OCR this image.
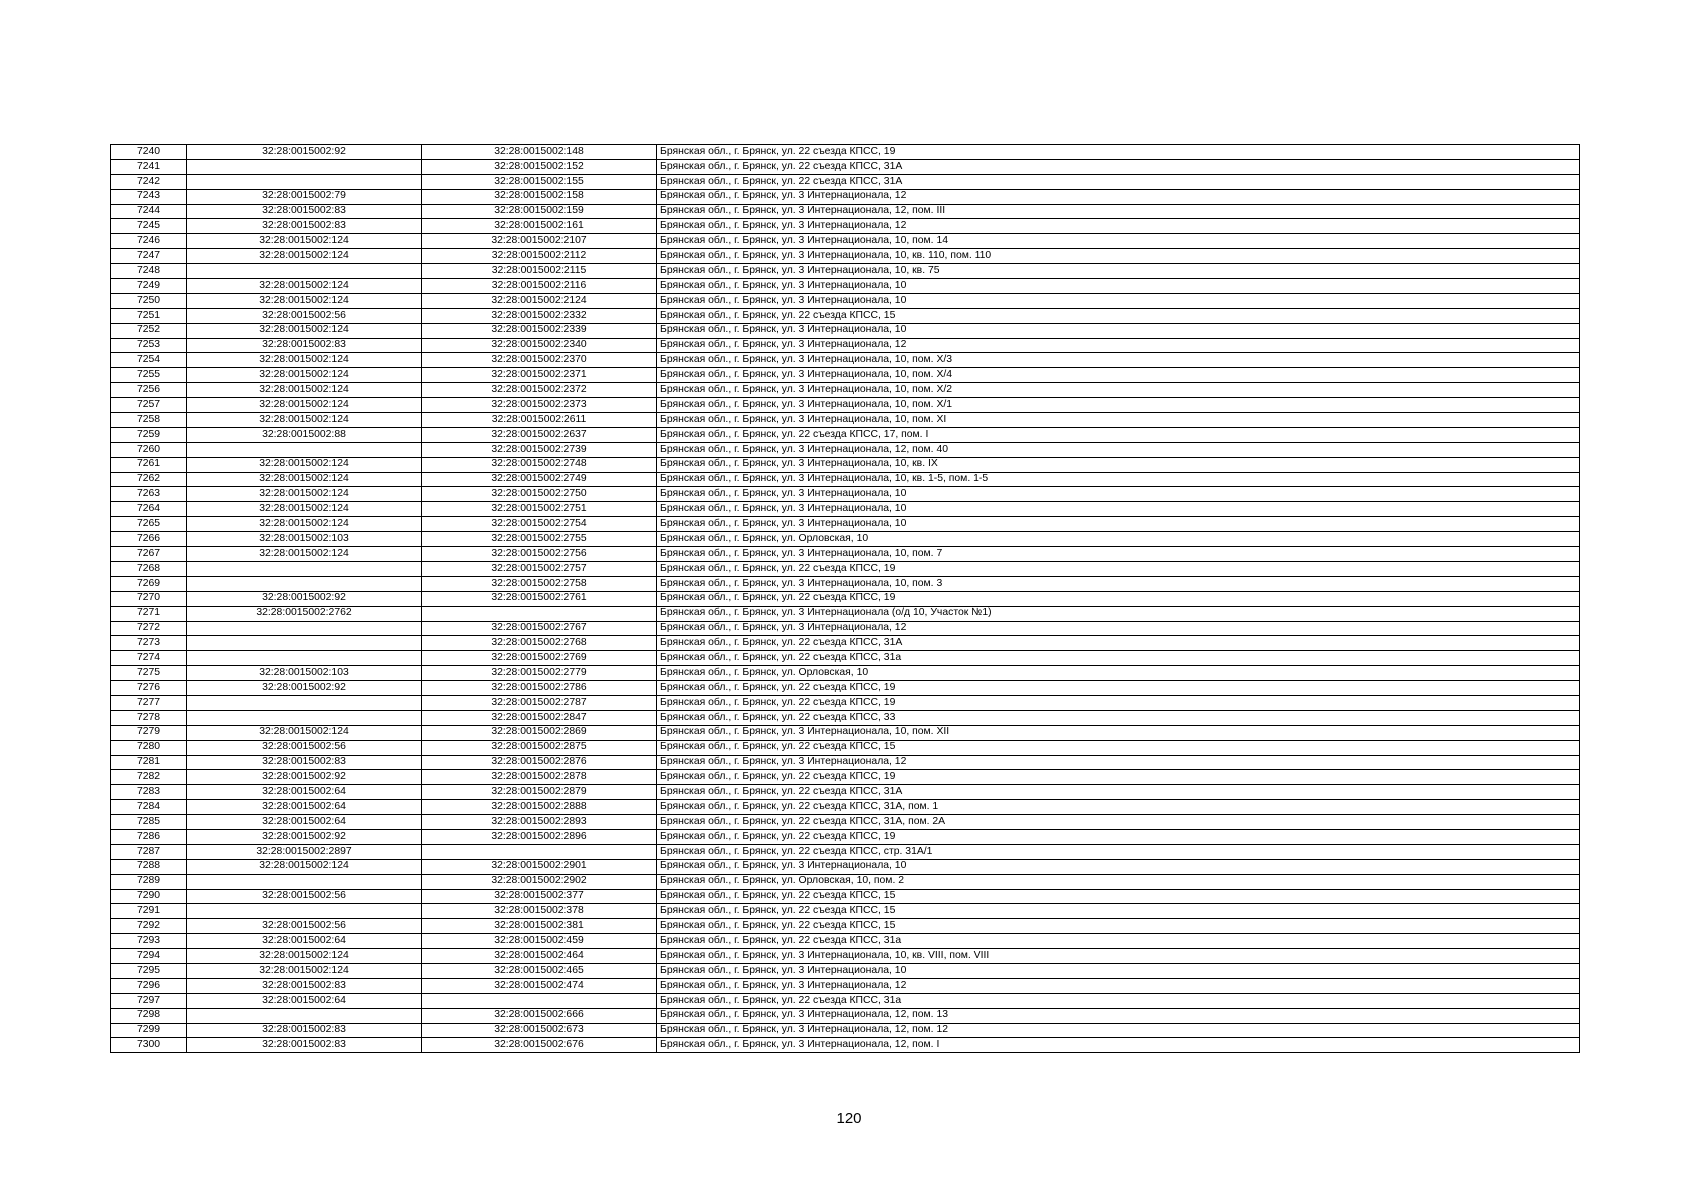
7240	32:28:0015002:92	32:28:0015002:148	Брянская обл., г. Брянск, ул. 22 съезда КПСС, 19
7241		32:28:0015002:152	Брянская обл., г. Брянск, ул. 22 съезда КПСС, 31А
7242		32:28:0015002:155	Брянская обл., г. Брянск, ул. 22 съезда КПСС, 31А
7243	32:28:0015002:79	32:28:0015002:158	Брянская обл., г. Брянск, ул. 3 Интернационала, 12
7244	32:28:0015002:83	32:28:0015002:159	Брянская обл., г. Брянск, ул. 3 Интернационала, 12, пом. III
7245	32:28:0015002:83	32:28:0015002:161	Брянская обл., г. Брянск, ул. 3 Интернационала, 12
7246	32:28:0015002:124	32:28:0015002:2107	Брянская обл., г. Брянск, ул. 3 Интернационала, 10, пом. 14
7247	32:28:0015002:124	32:28:0015002:2112	Брянская обл., г. Брянск, ул. 3 Интернационала, 10, кв. 110, пом. 110
7248		32:28:0015002:2115	Брянская обл., г. Брянск, ул. 3 Интернационала, 10, кв. 75
7249	32:28:0015002:124	32:28:0015002:2116	Брянская обл., г. Брянск, ул. 3 Интернационала, 10
7250	32:28:0015002:124	32:28:0015002:2124	Брянская обл., г. Брянск, ул. 3 Интернационала, 10
7251	32:28:0015002:56	32:28:0015002:2332	Брянская обл., г. Брянск, ул. 22 съезда КПСС, 15
7252	32:28:0015002:124	32:28:0015002:2339	Брянская обл., г. Брянск, ул. 3 Интернационала, 10
7253	32:28:0015002:83	32:28:0015002:2340	Брянская обл., г. Брянск, ул. 3 Интернационала, 12
7254	32:28:0015002:124	32:28:0015002:2370	Брянская обл., г. Брянск, ул. 3 Интернационала, 10, пом. Х/3
7255	32:28:0015002:124	32:28:0015002:2371	Брянская обл., г. Брянск, ул. 3 Интернационала, 10, пом. Х/4
7256	32:28:0015002:124	32:28:0015002:2372	Брянская обл., г. Брянск, ул. 3 Интернационала, 10, пом. Х/2
7257	32:28:0015002:124	32:28:0015002:2373	Брянская обл., г. Брянск, ул. 3 Интернационала, 10, пом. Х/1
7258	32:28:0015002:124	32:28:0015002:2611	Брянская обл., г. Брянск, ул. 3 Интернационала, 10, пом. XI
7259	32:28:0015002:88	32:28:0015002:2637	Брянская обл., г. Брянск, ул. 22 съезда КПСС, 17, пом. I
7260		32:28:0015002:2739	Брянская обл., г. Брянск, ул. 3 Интернационала, 12, пом. 40
7261	32:28:0015002:124	32:28:0015002:2748	Брянская обл., г. Брянск, ул. 3 Интернационала, 10, кв. IX
7262	32:28:0015002:124	32:28:0015002:2749	Брянская обл., г. Брянск, ул. 3 Интернационала, 10, кв. 1-5, пом. 1-5
7263	32:28:0015002:124	32:28:0015002:2750	Брянская обл., г. Брянск, ул. 3 Интернационала, 10
7264	32:28:0015002:124	32:28:0015002:2751	Брянская обл., г. Брянск, ул. 3 Интернационала, 10
7265	32:28:0015002:124	32:28:0015002:2754	Брянская обл., г. Брянск, ул. 3 Интернационала, 10
7266	32:28:0015002:103	32:28:0015002:2755	Брянская обл., г. Брянск, ул. Орловская, 10
7267	32:28:0015002:124	32:28:0015002:2756	Брянская обл., г. Брянск, ул. 3 Интернационала, 10, пом. 7
7268		32:28:0015002:2757	Брянская обл., г. Брянск, ул. 22 съезда КПСС, 19
7269		32:28:0015002:2758	Брянская обл., г. Брянск, ул. 3 Интернационала, 10, пом. 3
7270	32:28:0015002:92	32:28:0015002:2761	Брянская обл., г. Брянск, ул. 22 съезда КПСС, 19
7271	32:28:0015002:2762		Брянская обл., г. Брянск, ул. 3 Интернационала (о/д 10, Участок №1)
7272		32:28:0015002:2767	Брянская обл., г. Брянск, ул. 3 Интернационала, 12
7273		32:28:0015002:2768	Брянская обл., г. Брянск, ул. 22 съезда КПСС, 31А
7274		32:28:0015002:2769	Брянская обл., г. Брянск, ул. 22 съезда КПСС, 31а
7275	32:28:0015002:103	32:28:0015002:2779	Брянская обл., г. Брянск, ул. Орловская, 10
7276	32:28:0015002:92	32:28:0015002:2786	Брянская обл., г. Брянск, ул. 22 съезда КПСС, 19
7277		32:28:0015002:2787	Брянская обл., г. Брянск, ул. 22 съезда КПСС, 19
7278		32:28:0015002:2847	Брянская обл., г. Брянск, ул. 22 съезда КПСС, 33
7279	32:28:0015002:124	32:28:0015002:2869	Брянская обл., г. Брянск, ул. 3 Интернационала, 10, пом. XII
7280	32:28:0015002:56	32:28:0015002:2875	Брянская обл., г. Брянск, ул. 22 съезда КПСС, 15
7281	32:28:0015002:83	32:28:0015002:2876	Брянская обл., г. Брянск, ул. 3 Интернационала, 12
7282	32:28:0015002:92	32:28:0015002:2878	Брянская обл., г. Брянск, ул. 22 съезда КПСС, 19
7283	32:28:0015002:64	32:28:0015002:2879	Брянская обл., г. Брянск, ул. 22 съезда КПСС, 31А
7284	32:28:0015002:64	32:28:0015002:2888	Брянская обл., г. Брянск, ул. 22 съезда КПСС, 31А, пом. 1
7285	32:28:0015002:64	32:28:0015002:2893	Брянская обл., г. Брянск, ул. 22 съезда КПСС, 31А, пом. 2А
7286	32:28:0015002:92	32:28:0015002:2896	Брянская обл., г. Брянск, ул. 22 съезда КПСС, 19
7287	32:28:0015002:2897		Брянская обл., г. Брянск, ул. 22 съезда КПСС, стр. 31А/1
7288	32:28:0015002:124	32:28:0015002:2901	Брянская обл., г. Брянск, ул. 3 Интернационала, 10
7289		32:28:0015002:2902	Брянская обл., г. Брянск, ул. Орловская, 10, пом. 2
7290	32:28:0015002:56	32:28:0015002:377	Брянская обл., г. Брянск, ул. 22 съезда КПСС, 15
7291		32:28:0015002:378	Брянская обл., г. Брянск, ул. 22 съезда КПСС, 15
7292	32:28:0015002:56	32:28:0015002:381	Брянская обл., г. Брянск, ул. 22 съезда КПСС, 15
7293	32:28:0015002:64	32:28:0015002:459	Брянская обл., г. Брянск, ул. 22 съезда КПСС, 31а
7294	32:28:0015002:124	32:28:0015002:464	Брянская обл., г. Брянск, ул. 3 Интернационала, 10, кв. VIII, пом. VIII
7295	32:28:0015002:124	32:28:0015002:465	Брянская обл., г. Брянск, ул. 3 Интернационала, 10
7296	32:28:0015002:83	32:28:0015002:474	Брянская обл., г. Брянск, ул. 3 Интернационала, 12
7297	32:28:0015002:64		Брянская обл., г. Брянск, ул. 22 съезда КПСС, 31а
7298		32:28:0015002:666	Брянская обл., г. Брянск, ул. 3 Интернационала, 12, пом. 13
7299	32:28:0015002:83	32:28:0015002:673	Брянская обл., г. Брянск, ул. 3 Интернационала, 12, пом. 12
7300	32:28:0015002:83	32:28:0015002:676	Брянская обл., г. Брянск, ул. 3 Интернационала, 12, пом. I
120
